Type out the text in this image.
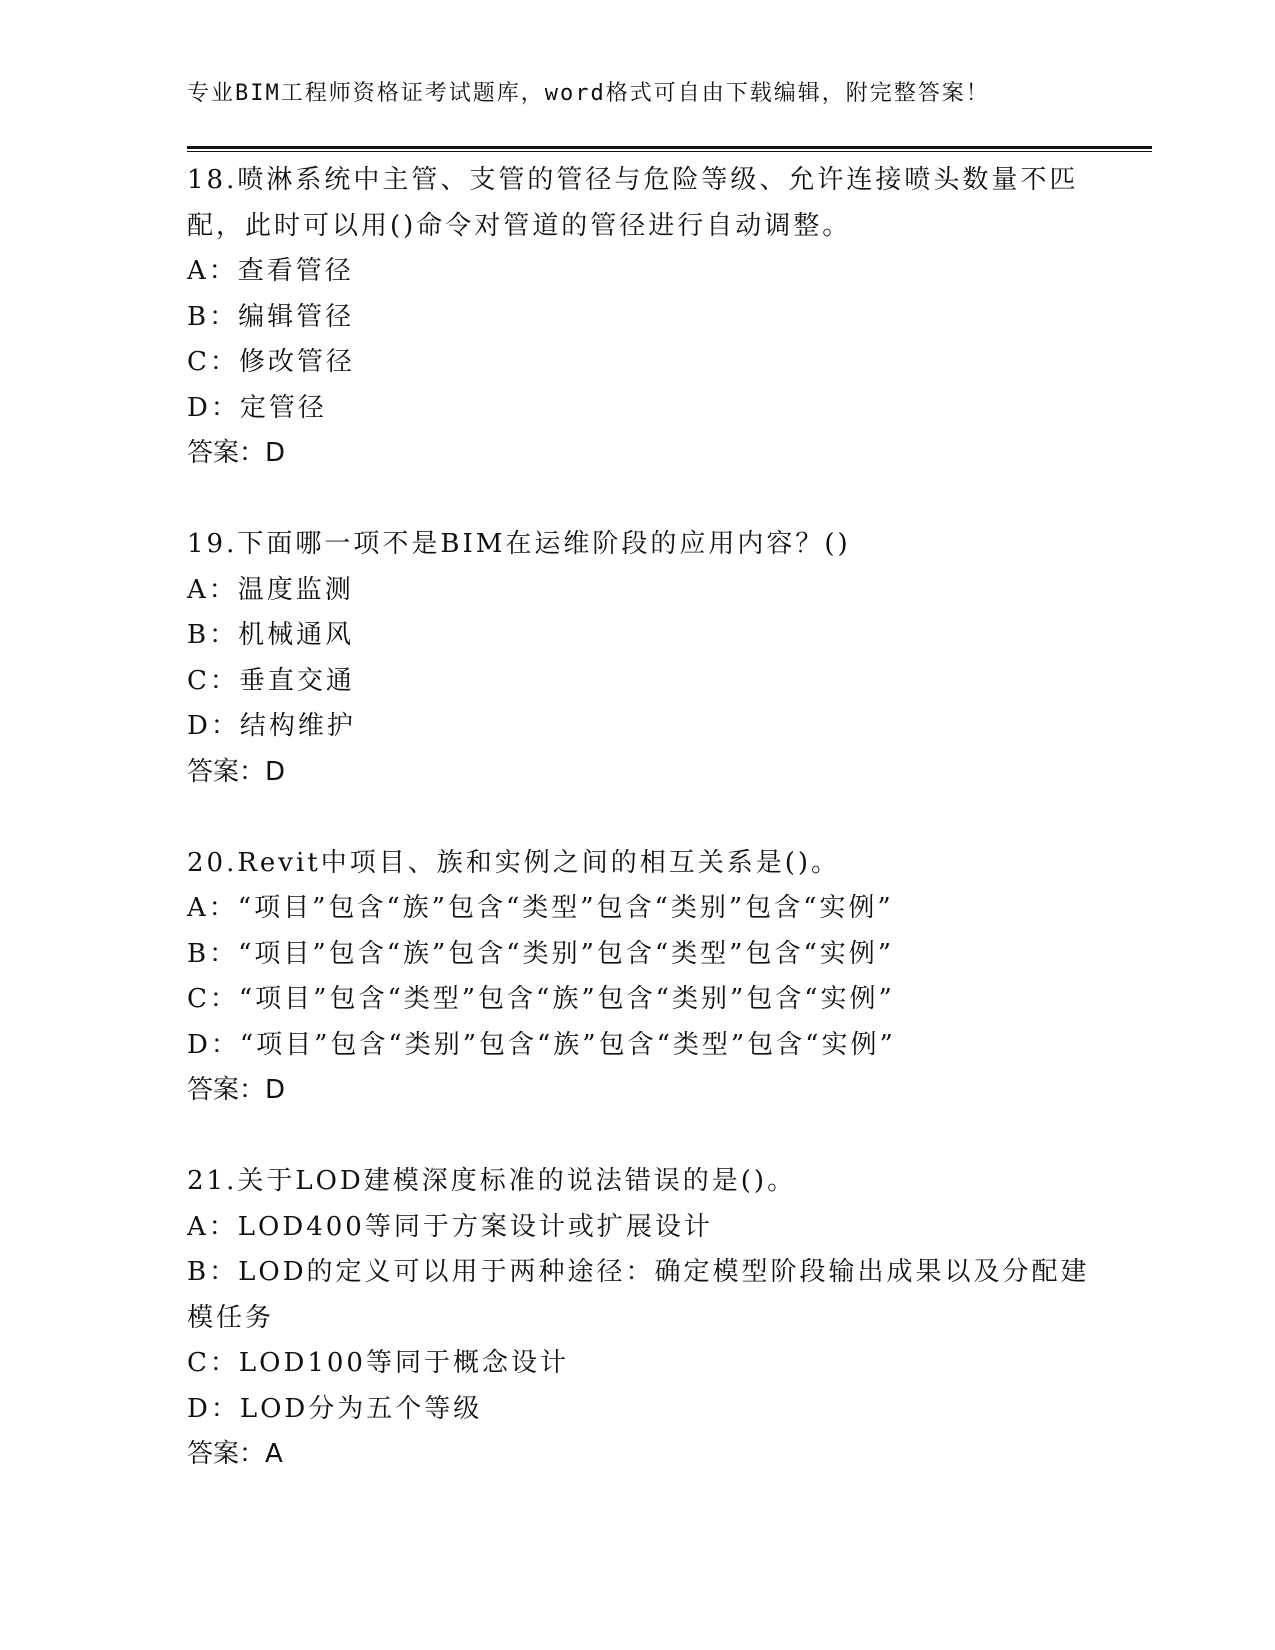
专业BIM工程师资格证考试题库，word格式可自由下载编辑，附完整答案！
18.喷淋系统中主管、支管的管径与危险等级、允许连接喷头数量不匹
配，此时可以用()命令对管道的管径进行自动调整。
A：查看管径
B：编辑管径
C：修改管径
D：定管径
答案：D
19.下面哪一项不是BIM在运维阶段的应用内容？()
A：温度监测
B：机械通风
C：垂直交通
D：结构维护
答案：D
20.Revit中项目、族和实例之间的相互关系是()。
A：“项目”包含“族”包含“类型”包含“类别”包含“实例”
B：“项目”包含“族”包含“类别”包含“类型”包含“实例”
C：“项目”包含“类型”包含“族”包含“类别”包含“实例”
D：“项目”包含“类别”包含“族”包含“类型”包含“实例”
答案：D
21.关于LOD建模深度标准的说法错误的是()。
A：LOD400等同于方案设计或扩展设计
B：LOD的定义可以用于两种途径：确定模型阶段输出成果以及分配建
模任务
C：LOD100等同于概念设计
D：LOD分为五个等级
答案：A
